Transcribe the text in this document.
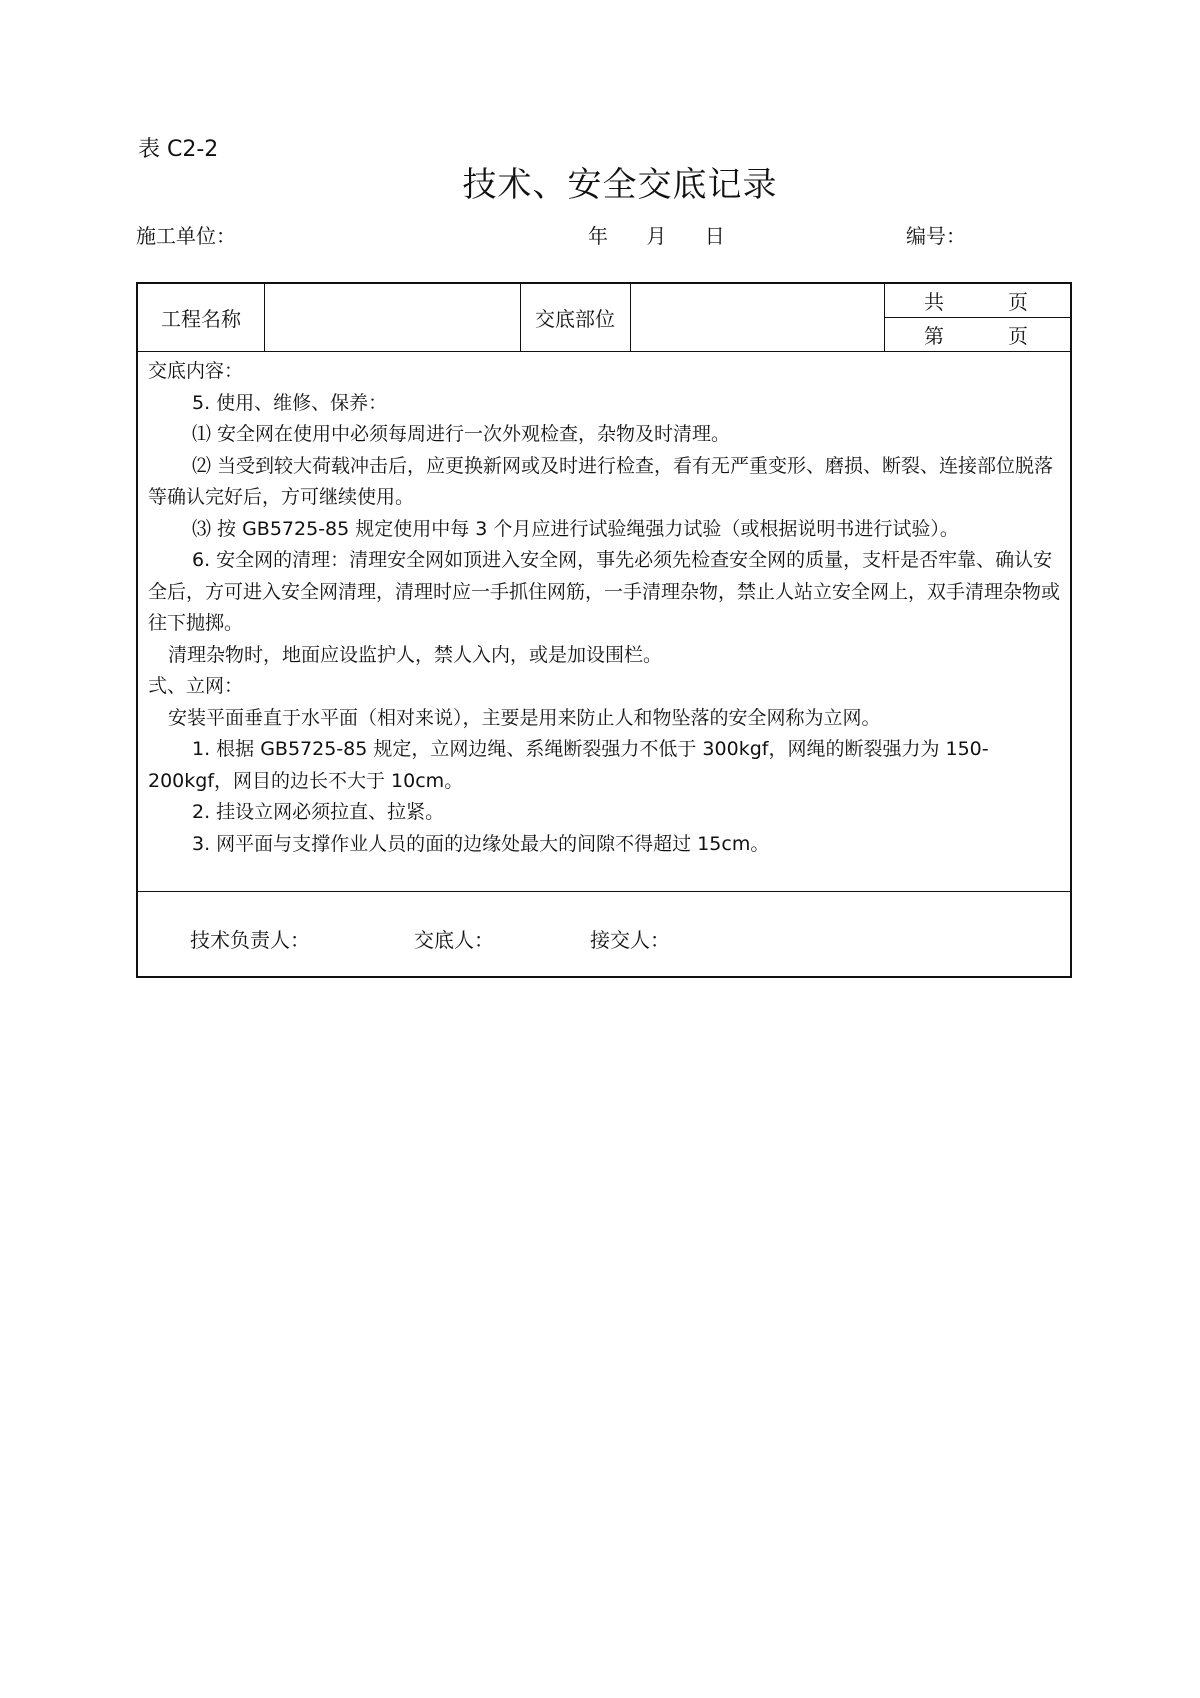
表 C2-2
技术、安全交底记录
施工单位：	年 月 日	编号：
工程名称	交底部位
共	页
第	页

交底内容：

5. 使用、维修、保养：

⑴ 安全网在使用中必须每周进行一次外观检查，杂物及时清理。

⑵ 当受到较大荷载冲击后，应更换新网或及时进行检查，看有无严重变形、磨损、断裂、连接部位脱落等确认完好后，方可继续使用。

⑶ 按 GB5725-85 规定使用中每 3 个月应进行试验绳强力试验（或根据说明书进行试验）。

6. 安全网的清理：清理安全网如顶进入安全网，事先必须先检查安全网的质量，支杆是否牢靠、确认安全后，方可进入安全网清理，清理时应一手抓住网筋，一手清理杂物，禁止人站立安全网上，双手清理杂物或往下抛掷。

清理杂物时，地面应设监护人，禁人入内，或是加设围栏。

弍、立网：

安装平面垂直于水平面（相对来说），主要是用来防止人和物坠落的安全网称为立网。

1. 根据 GB5725-85 规定，立网边绳、系绳断裂强力不低于 300kgf，网绳的断裂强力为 150-200kgf，网目的边长不大于 10cm。

2. 挂设立网必须拉直、拉紧。

3. 网平面与支撑作业人员的面的边缘处最大的间隙不得超过 15cm。

技术负责人：	交底人：	接交人：
